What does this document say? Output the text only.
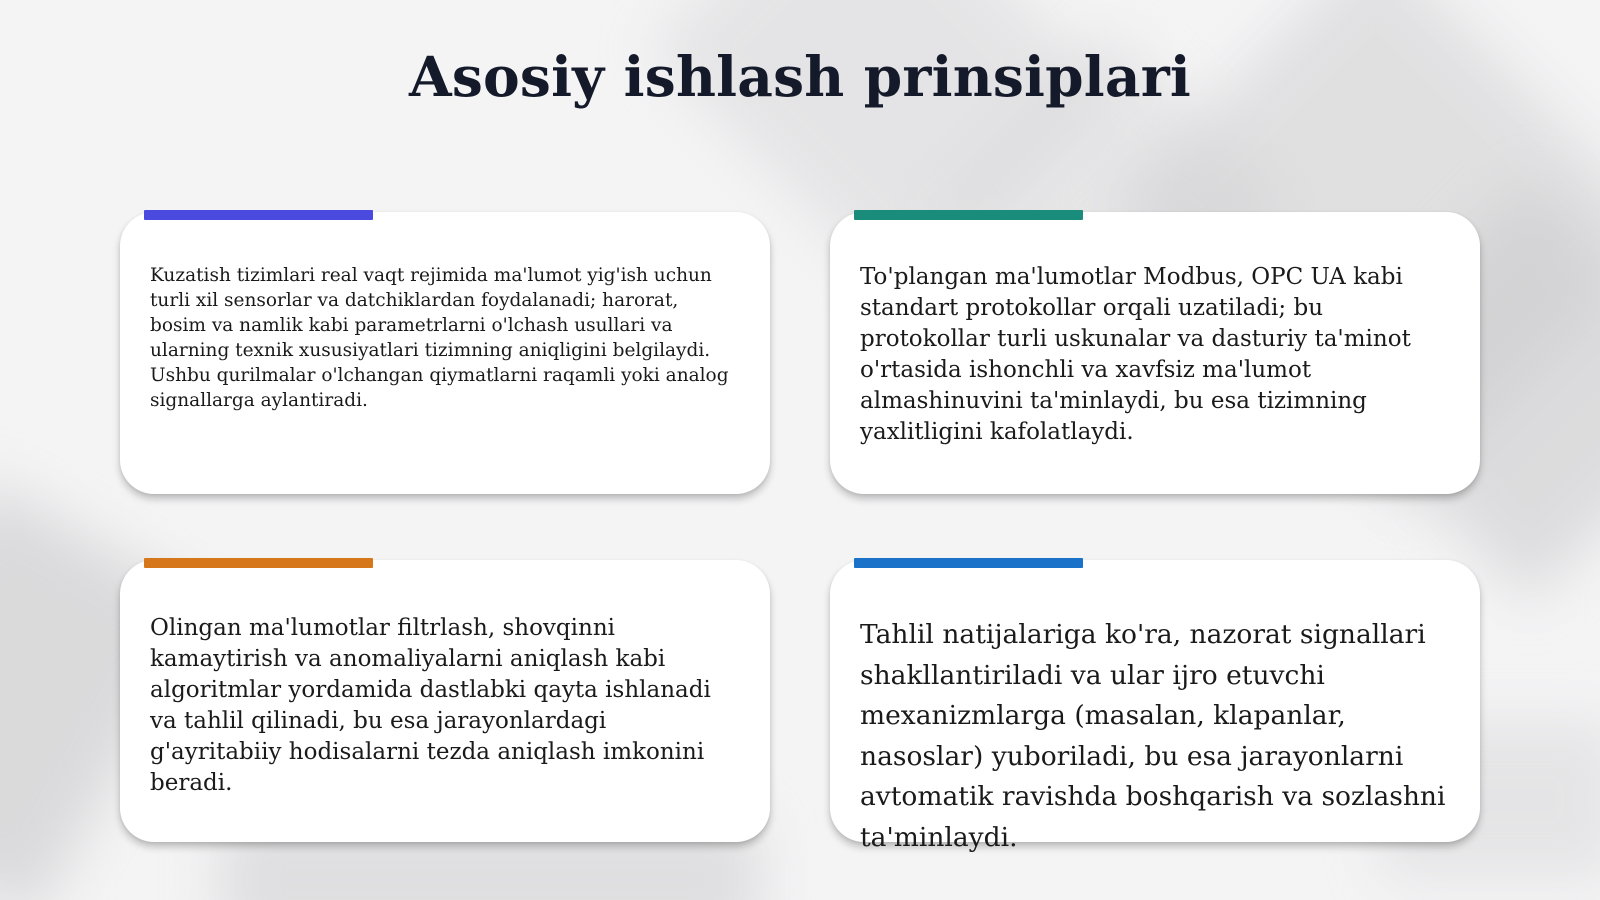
Asosiy ishlash prinsiplari

Kuzatish tizimlari real vaqt rejimida ma'lumot yig'ish uchun turli xil sensorlar va datchiklardan foydalanadi; harorat, bosim va namlik kabi parametrlarni o'lchash usullari va ularning texnik xususiyatlari tizimning aniqligini belgilaydi. Ushbu qurilmalar o'lchangan qiymatlarni raqamli yoki analog signallarga aylantiradi.

To'plangan ma'lumotlar Modbus, OPC UA kabi standart protokollar orqali uzatiladi; bu protokollar turli uskunalar va dasturiy ta'minot o'rtasida ishonchli va xavfsiz ma'lumot almashinuvini ta'minlaydi, bu esa tizimning yaxlitligini kafolatlaydi.

Olingan ma'lumotlar filtrlash, shovqinni kamaytirish va anomaliyalarni aniqlash kabi algoritmlar yordamida dastlabki qayta ishlanadi va tahlil qilinadi, bu esa jarayonlardagi g'ayritabiiy hodisalarni tezda aniqlash imkonini beradi.

Tahlil natijalariga ko'ra, nazorat signallari shakllantiriladi va ular ijro etuvchi mexanizmlarga (masalan, klapanlar, nasoslar) yuboriladi, bu esa jarayonlarni avtomatik ravishda boshqarish va sozlashni ta'minlaydi.
